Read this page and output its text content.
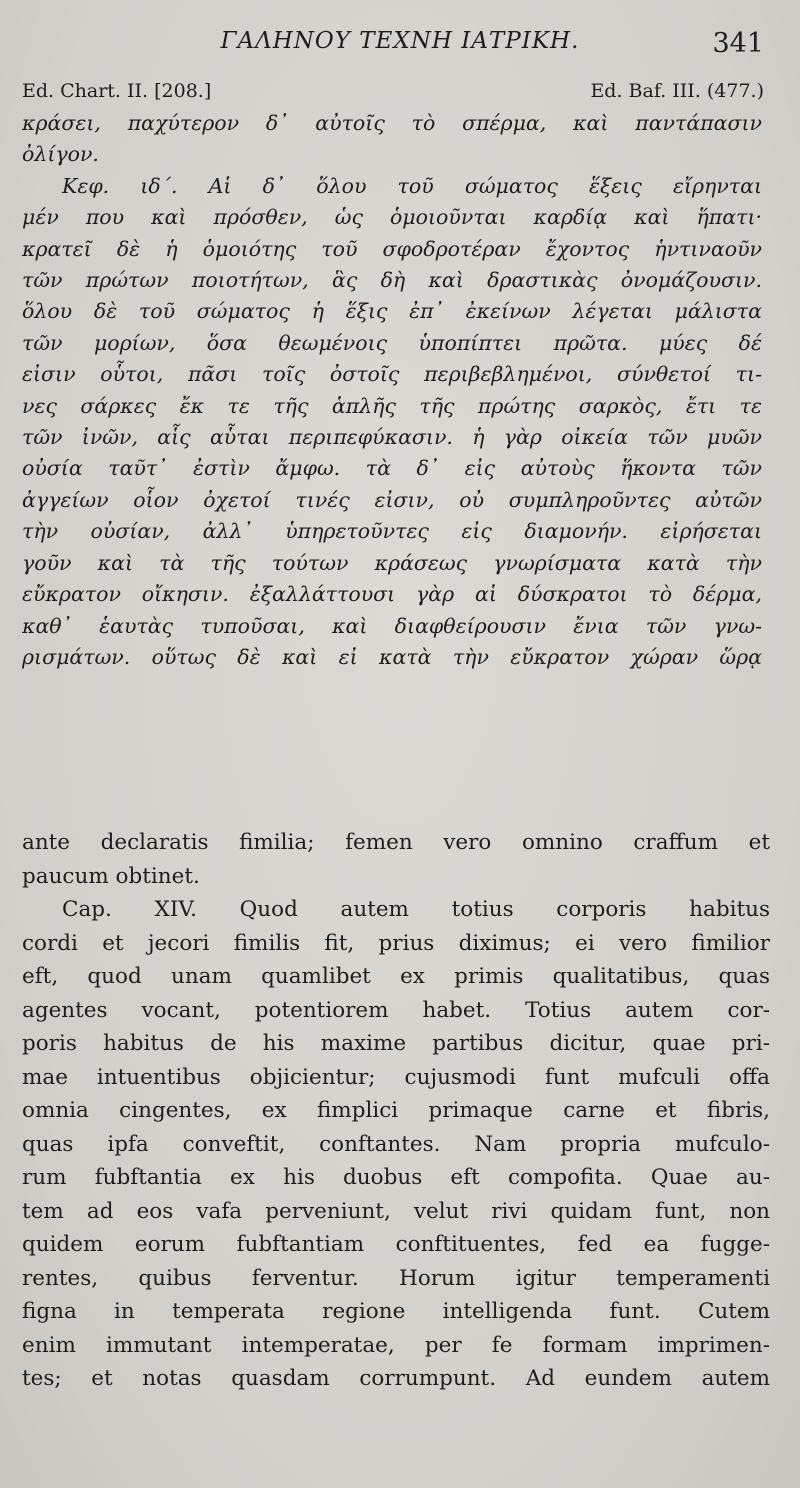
ΓΑΛΗΝΟΥ ΤΕΧΝΗ ΙΑΤΡΙΚΗ.	341
Ed. Chart. II. [208.]	Ed. Baf. III. (477.)
κράσει, παχύτερον δ᾽ αὐτοῖς τὸ σπέρμα, καὶ παντάπασιν
ὀλίγον.
Κεφ. ιδ΄. Αἱ δ᾽ ὅλου τοῦ σώματος ἕξεις εἴρηνται
μέν που καὶ πρόσθεν, ὡς ὁμοιοῦνται καρδίᾳ καὶ ἥπατι·
κρατεῖ δὲ ἡ ὁμοιότης τοῦ σφοδροτέραν ἔχοντος ἡντιναοῦν
τῶν πρώτων ποιοτήτων, ἃς δὴ καὶ δραστικὰς ὀνομάζουσιν.
ὅλου δὲ τοῦ σώματος ἡ ἕξις ἐπ᾽ ἐκείνων λέγεται μάλιστα
τῶν μορίων, ὅσα θεωμένοις ὑποπίπτει πρῶτα. μύες δέ
εἰσιν οὗτοι, πᾶσι τοῖς ὀστοῖς περιβεβλημένοι, σύνθετοί τι-
νες σάρκες ἔκ τε τῆς ἁπλῆς τῆς πρώτης σαρκὸς, ἔτι τε
τῶν ἰνῶν, αἷς αὗται περιπεφύκασιν. ἡ γὰρ οἰκεία τῶν μυῶν
οὐσία ταῦτ᾽ ἐστὶν ἄμφω. τὰ δ᾽ εἰς αὐτοὺς ἥκοντα τῶν
ἀγγείων οἷον ὀχετοί τινές εἰσιν, οὐ συμπληροῦντες αὐτῶν
τὴν οὐσίαν, ἀλλ᾽ ὑπηρετοῦντες εἰς διαμονήν. εἰρήσεται
γοῦν καὶ τὰ τῆς τούτων κράσεως γνωρίσματα κατὰ τὴν
εὔκρατον οἴκησιν. ἐξαλλάττουσι γὰρ αἱ δύσκρατοι τὸ δέρμα,
καθ᾽ ἑαυτὰς τυποῦσαι, καὶ διαφθείρουσιν ἔνια τῶν γνω-
ρισμάτων. οὕτως δὲ καὶ εἰ κατὰ τὴν εὔκρατον χώραν ὥρᾳ
ante declaratis fimilia; femen vero omnino craffum et
paucum obtinet.
Cap. XIV. Quod autem totius corporis habitus
cordi et jecori fimilis fit, prius diximus; ei vero fimilior
eft, quod unam quamlibet ex primis qualitatibus, quas
agentes vocant, potentiorem habet. Totius autem cor-
poris habitus de his maxime partibus dicitur, quae pri-
mae intuentibus objicientur; cujusmodi funt mufculi offa
omnia cingentes, ex fimplici primaque carne et fibris,
quas ipfa conveftit, conftantes. Nam propria mufculo-
rum fubftantia ex his duobus eft compofita. Quae au-
tem ad eos vafa perveniunt, velut rivi quidam funt, non
quidem eorum fubftantiam conftituentes, fed ea fugge-
rentes, quibus ferventur. Horum igitur temperamenti
figna in temperata regione intelligenda funt. Cutem
enim immutant intemperatae, per fe formam imprimen-
tes; et notas quasdam corrumpunt. Ad eundem autem
